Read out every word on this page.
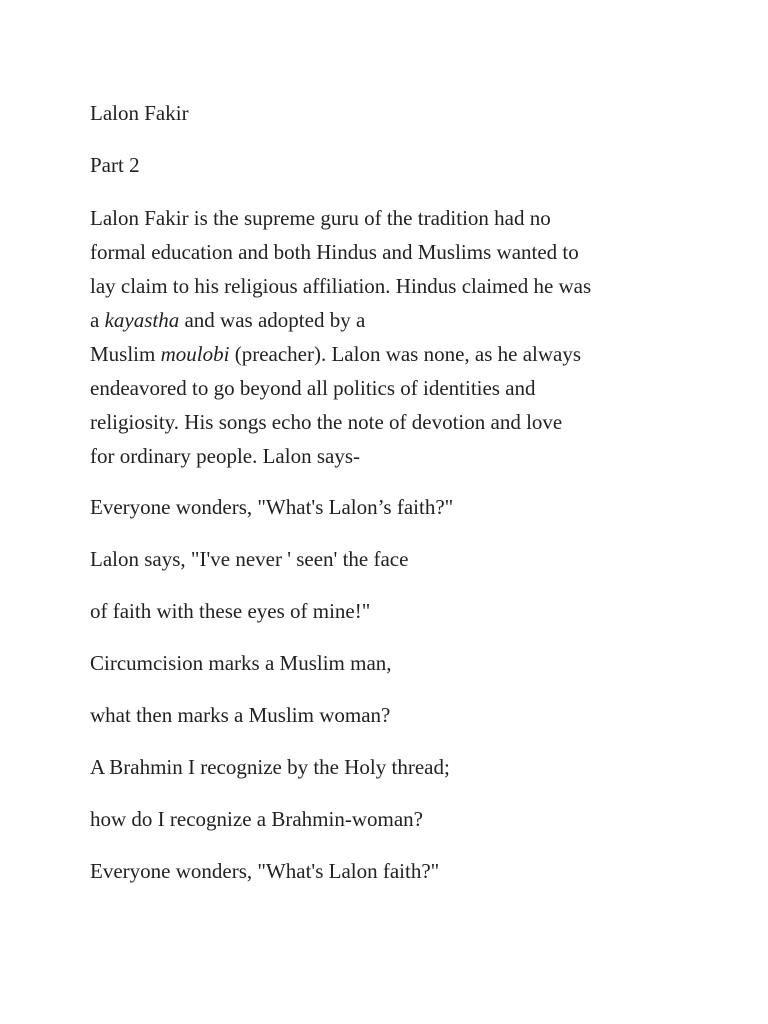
Lalon Fakir

Part 2

Lalon Fakir is the supreme guru of the tradition had no
formal education and both Hindus and Muslims wanted to
lay claim to his religious affiliation. Hindus claimed he was
a kayastha and was adopted by a
Muslim moulobi (preacher). Lalon was none, as he always
endeavored to go beyond all politics of identities and
religiosity. His songs echo the note of devotion and love
for ordinary people. Lalon says-

Everyone wonders, "What's Lalon’s faith?"

Lalon says, "I've never ' seen' the face

of faith with these eyes of mine!"

Circumcision marks a Muslim man,

what then marks a Muslim woman?

A Brahmin I recognize by the Holy thread;

how do I recognize a Brahmin-woman?

Everyone wonders, "What's Lalon faith?"
